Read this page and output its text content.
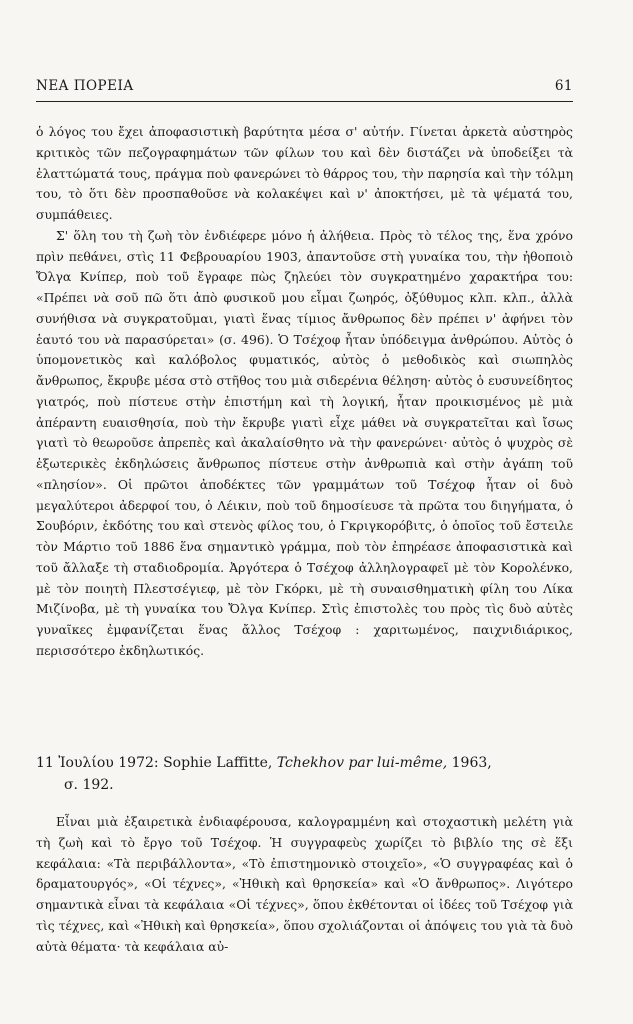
ΝΕΑ ΠΟΡΕΙΑ	61

ὁ λόγος του ἔχει ἀποφασιστικὴ βαρύτητα μέσα σ' αὐτήν. Γίνεται ἀρκετὰ αὐστηρὸς κριτικὸς τῶν πεζογραφημάτων τῶν φίλων του καὶ δὲν διστάζει νὰ ὑποδείξει τὰ ἐλαττώματά τους, πράγμα ποὺ φανερώνει τὸ θάρρος του, τὴν παρησία καὶ τὴν τόλμη του, τὸ ὅτι δὲν προσπαθοῦσε νὰ κολακέψει καὶ ν' ἀποκτήσει, μὲ τὰ ψέματά του, συμπάθειες.

Σ' ὅλη του τὴ ζωὴ τὸν ἐνδιέφερε μόνο ἡ ἀλήθεια. Πρὸς τὸ τέλος της, ἕνα χρόνο πρὶν πεθάνει, στὶς 11 Φεβρουαρίου 1903, ἀπαντοῦσε στὴ γυναίκα του, τὴν ἠθοποιὸ Ὄλγα Κνίπερ, ποὺ τοῦ ἔγραφε πὼς ζηλεύει τὸν συγκρατημένο χαρακτήρα του: «Πρέπει νὰ σοῦ πῶ ὅτι ἀπὸ φυσικοῦ μου εἶμαι ζωηρός, ὀξύθυμος κλπ. κλπ., ἀλλὰ συνήθισα νὰ συγκρατοῦμαι, γιατὶ ἕνας τίμιος ἄνθρωπος δὲν πρέπει ν' ἀφήνει τὸν ἑαυτό του νὰ παρασύρεται» (σ. 496). Ὁ Τσέχοφ ἦταν ὑπόδειγμα ἀνθρώπου. Αὐτὸς ὁ ὑπομονετικὸς καὶ καλόβολος φυματικός, αὐτὸς ὁ μεθοδικὸς καὶ σιωπηλὸς ἄνθρωπος, ἔκρυβε μέσα στὸ στῆθος του μιὰ σιδερένια θέληση· αὐτὸς ὁ ευσυνείδητος γιατρός, ποὺ πίστευε στὴν ἐπιστήμη καὶ τὴ λογική, ἦταν προικισμένος μὲ μιὰ ἀπέραντη ευαισθησία, ποὺ τὴν ἔκρυβε γιατὶ εἶχε μάθει νὰ συγκρατεῖται καὶ ἴσως γιατὶ τὸ θεωροῦσε ἀπρεπὲς καὶ ἀκαλαίσθητο νὰ τὴν φανερώνει· αὐτὸς ὁ ψυχρὸς σὲ ἐξωτερικὲς ἐκδηλώσεις ἄνθρωπος πίστευε στὴν ἀνθρωπιὰ καὶ στὴν ἀγάπη τοῦ «πλησίον». Οἱ πρῶτοι ἀποδέκτες τῶν γραμμάτων τοῦ Τσέχοφ ἦταν οἱ δυὸ μεγαλύτεροι ἀδερφοί του, ὁ Λέικιν, ποὺ τοῦ δημοσίευσε τὰ πρῶτα του διηγήματα, ὁ Σουβόριν, ἐκδότης του καὶ στενὸς φίλος του, ὁ Γκριγκορόβιτς, ὁ ὁποῖος τοῦ ἔστειλε τὸν Μάρτιο τοῦ 1886 ἕνα σημαντικὸ γράμμα, ποὺ τὸν ἐπηρέασε ἀποφασιστικὰ καὶ τοῦ ἄλλαξε τὴ σταδιοδρομία. Ἀργότερα ὁ Τσέχοφ ἀλληλογραφεῖ μὲ τὸν Κορολένκο, μὲ τὸν ποιητὴ Πλεστσέγιεφ, μὲ τὸν Γκόρκι, μὲ τὴ συναισθηματικὴ φίλη του Λίκα Μιζίνοβα, μὲ τὴ γυναίκα του Ὄλγα Κνίπερ. Στὶς ἐπιστολὲς του πρὸς τὶς δυὸ αὐτὲς γυναῖκες ἐμφανίζεται ἕνας ἄλλος Τσέχοφ : χαριτωμένος, παιχνιδιάρικος, περισσότερο ἐκδηλωτικός.

11 Ἰουλίου 1972: Sophie Laffitte, Tchekhov par lui-même, 1963,
σ. 192.

Εἶναι μιὰ ἐξαιρετικὰ ἐνδιαφέρουσα, καλογραμμένη καὶ στοχαστικὴ μελέτη γιὰ τὴ ζωὴ καὶ τὸ ἔργο τοῦ Τσέχοφ. Ἡ συγγραφεὺς χωρίζει τὸ βιβλίο της σὲ ἕξι κεφάλαια: «Τὰ περιβάλλοντα», «Τὸ ἐπιστημονικὸ στοιχεῖο», «Ὁ συγγραφέας καὶ ὁ δραματουργός», «Οἱ τέχνες», «Ἠθικὴ καὶ θρησκεία» καὶ «Ὁ ἄνθρωπος». Λιγότερο σημαντικὰ εἶναι τὰ κεφάλαια «Οἱ τέχνες», ὅπου ἐκθέτονται οἱ ἰδέες τοῦ Τσέχοφ γιὰ τὶς τέχνες, καὶ «Ἠθικὴ καὶ θρησκεία», ὅπου σχολιάζονται οἱ ἀπόψεις του γιὰ τὰ δυὸ αὐτὰ θέματα· τὰ κεφάλαια αὐ-
